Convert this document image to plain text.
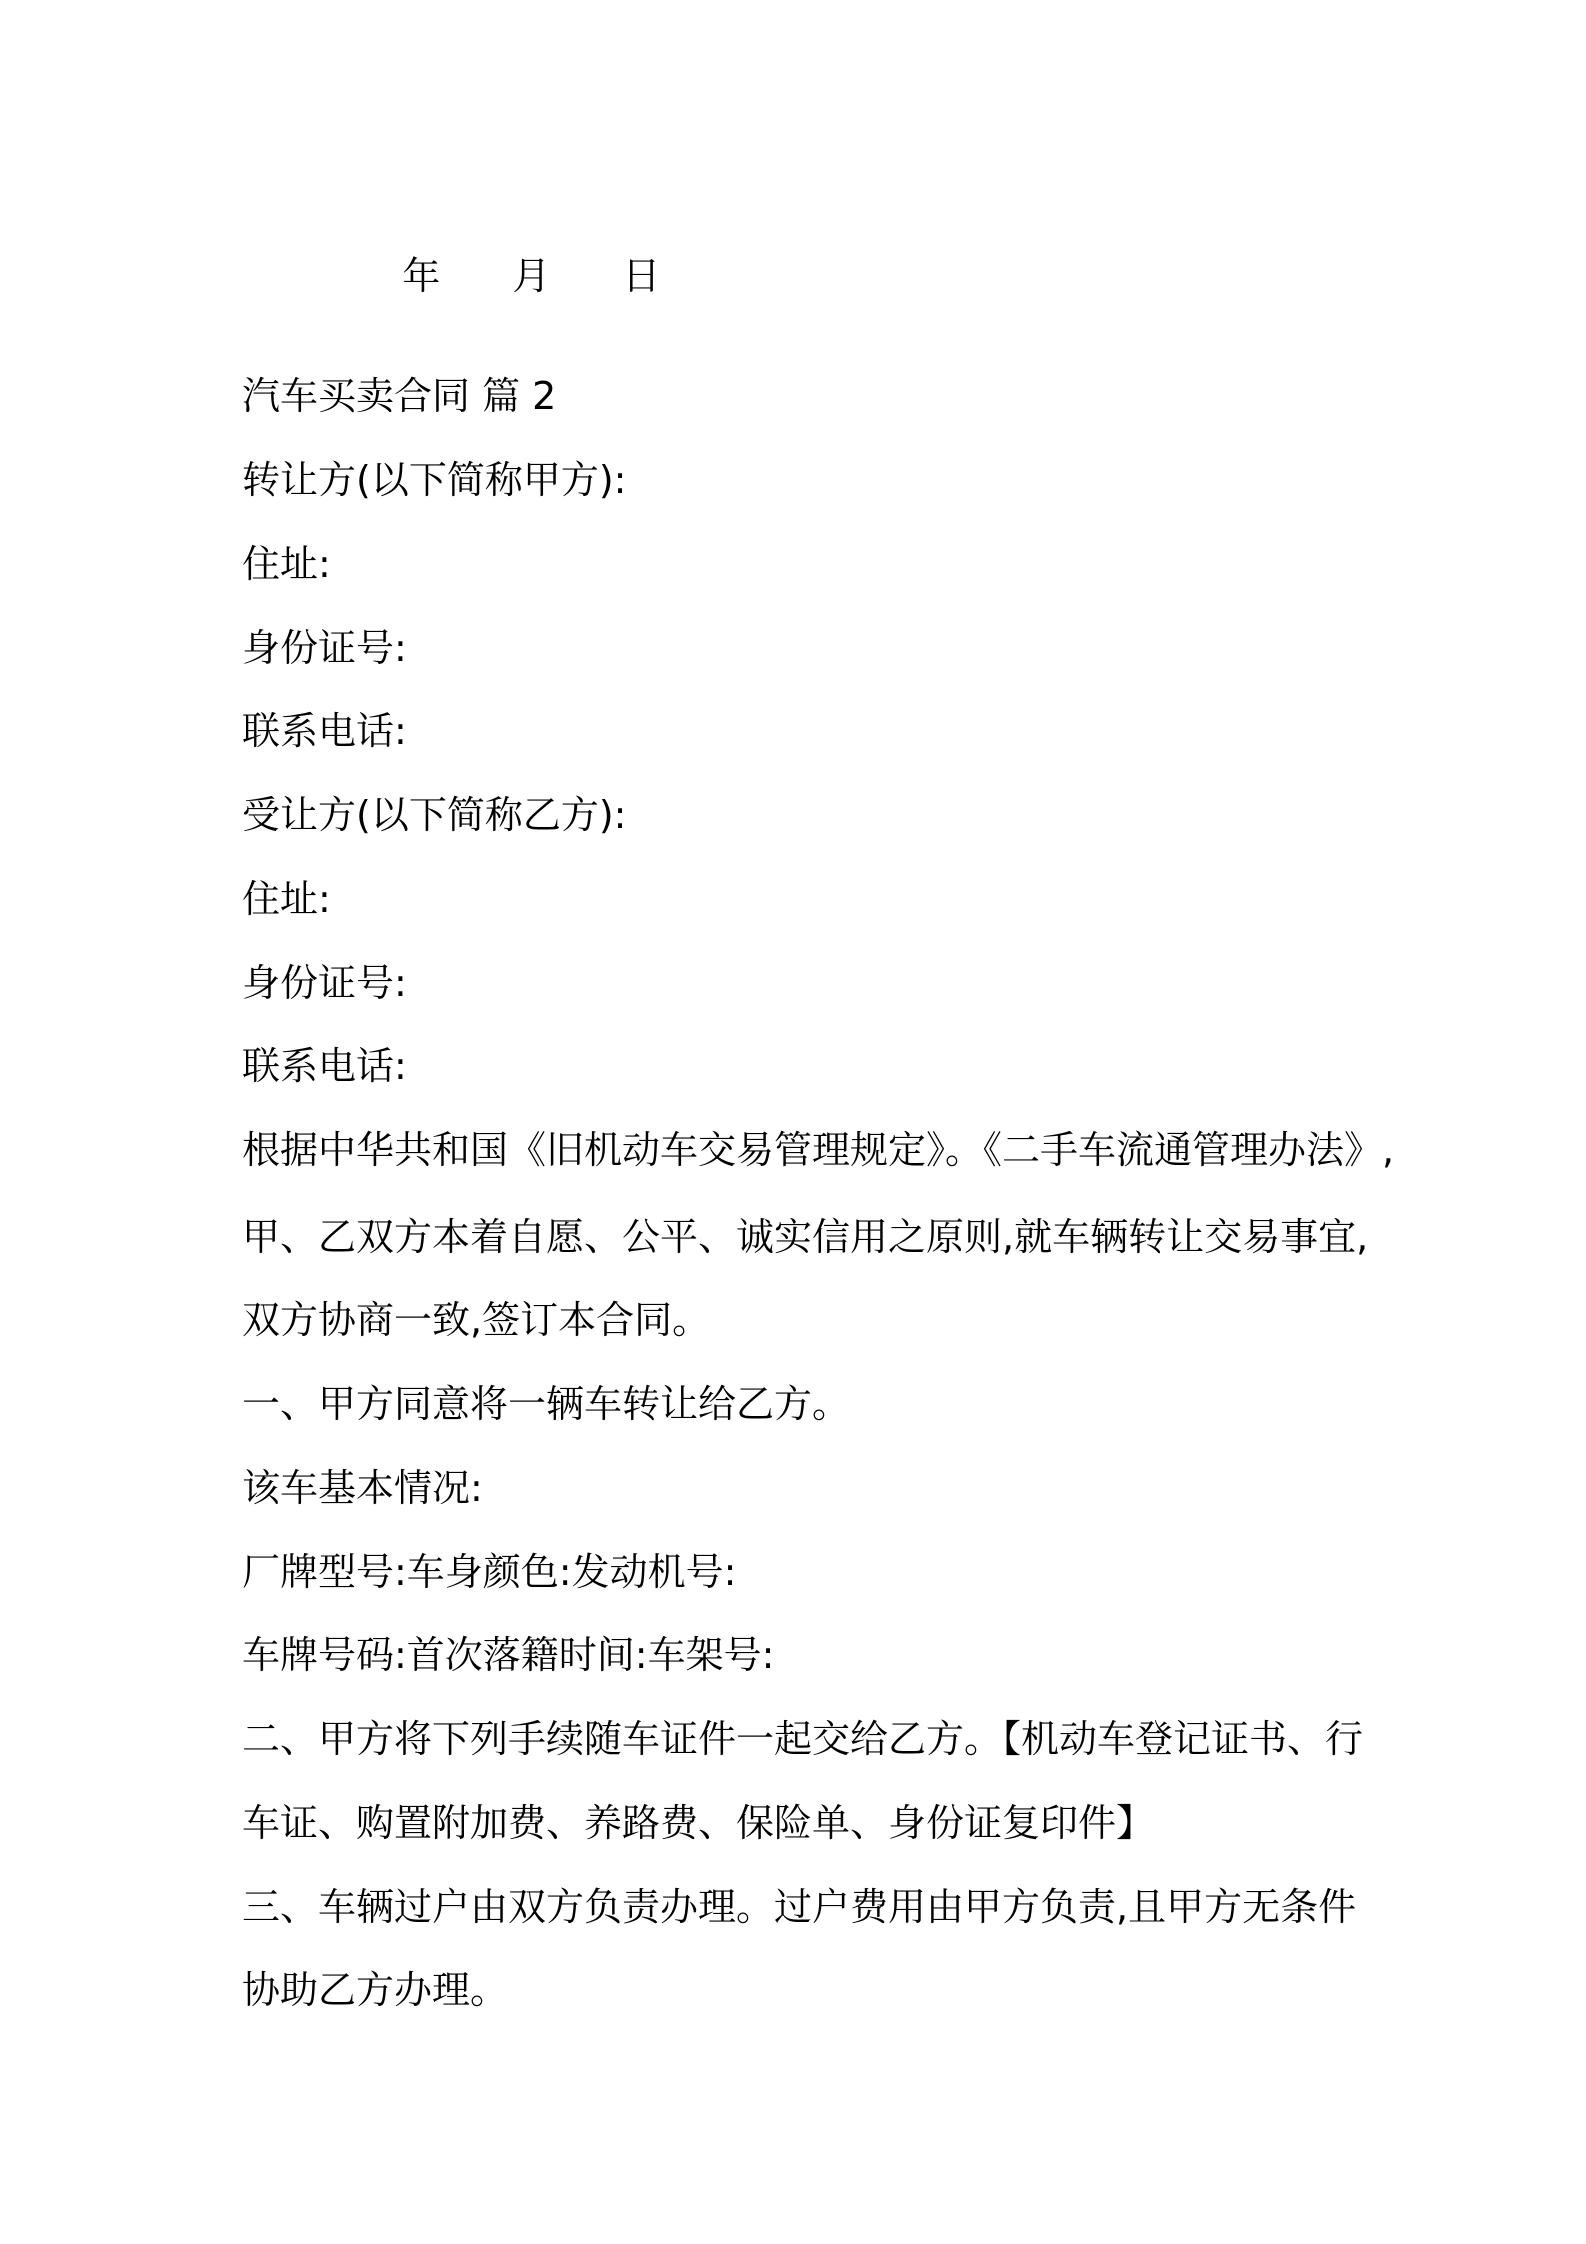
年 月 日

汽车买卖合同 篇 2
转让方(以下简称甲方):
住址:
身份证号:
联系电话:
受让方(以下简称乙方):
住址:
身份证号:
联系电话:
根据中华共和国《旧机动车交易管理规定》。《二手车流通管理办法》,
甲、乙双方本着自愿、公平、诚实信用之原则,就车辆转让交易事宜,
双方协商一致,签订本合同。
一、甲方同意将一辆车转让给乙方。
该车基本情况:
厂牌型号:车身颜色:发动机号:
车牌号码:首次落籍时间:车架号:
二、甲方将下列手续随车证件一起交给乙方。【机动车登记证书、行
车证、购置附加费、养路费、保险单、身份证复印件】
三、车辆过户由双方负责办理。过户费用由甲方负责,且甲方无条件
协助乙方办理。
